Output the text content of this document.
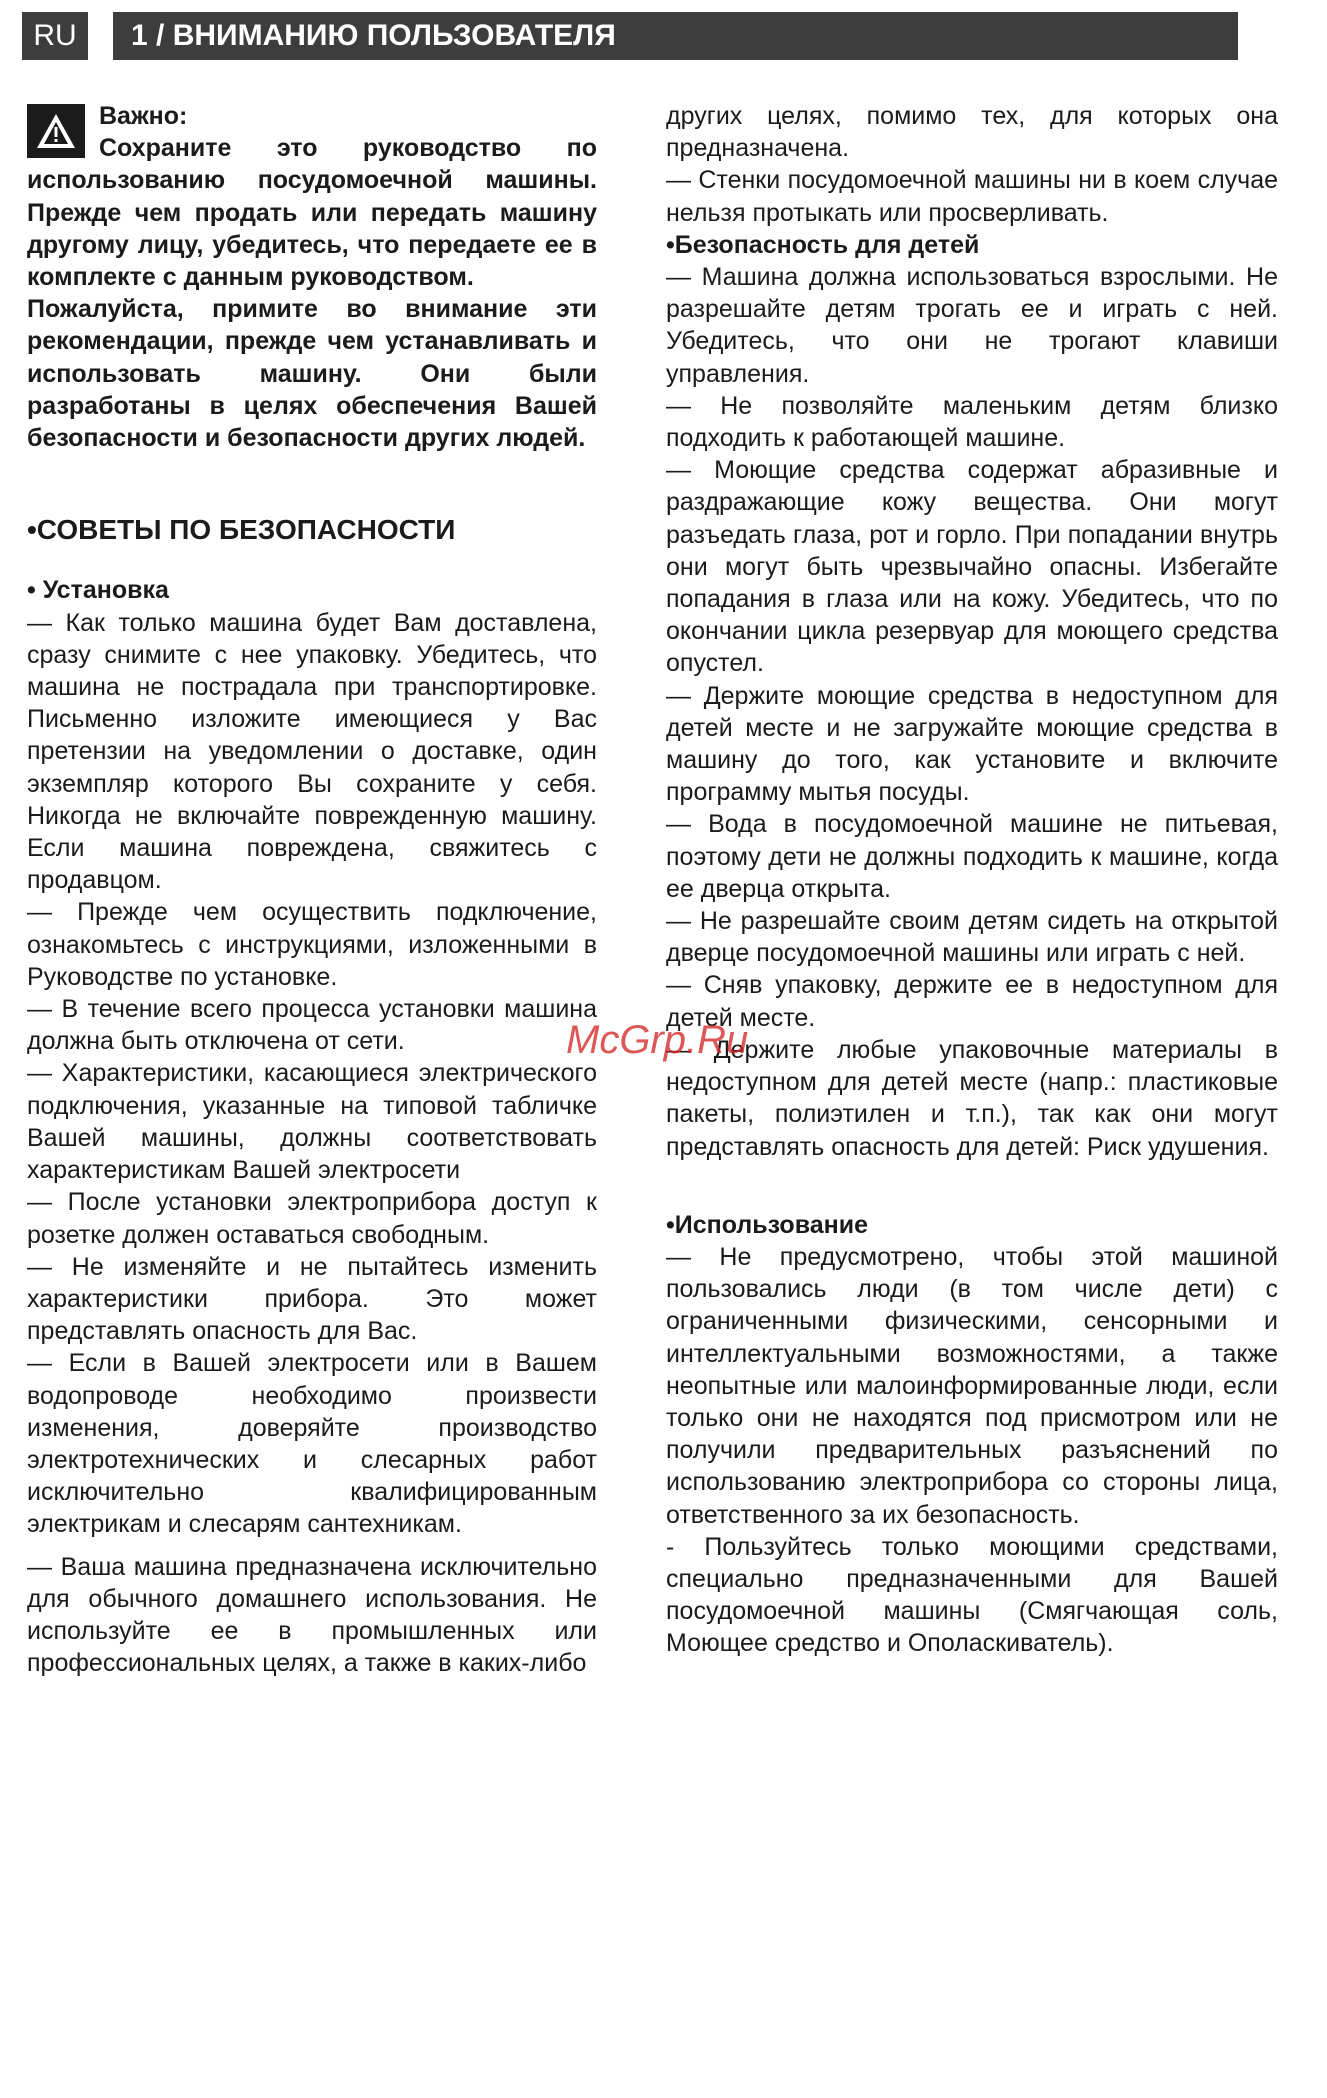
RU	1 / ВНИМАНИЮ ПОЛЬЗОВАТЕЛЯ

Важно:

Сохраните это руководство по использованию посудомоечной машины. Прежде чем продать или передать машину другому лицу, убедитесь, что передаете ее в комплекте с данным руководством.

Пожалуйста, примите во внимание эти рекомендации, прежде чем устанавливать и использовать машину. Они были разработаны в целях обеспечения Вашей безопасности и безопасности других людей.

•СОВЕТЫ ПО БЕЗОПАСНОСТИ

• Установка

— Как только машина будет Вам доставлена, сразу снимите с нее упаковку. Убедитесь, что машина не пострадала при транспортировке. Письменно изложите имеющиеся у Вас претензии на уведомлении о доставке, один экземпляр которого Вы сохраните у себя. Никогда не включайте поврежденную машину. Если машина повреждена, свяжитесь с продавцом.

— Прежде чем осуществить подключение, ознакомьтесь с инструкциями, изложенными в Руководстве по установке.

— В течение всего процесса установки машина должна быть отключена от сети.

— Характеристики, касающиеся электрического подключения, указанные на типовой табличке Вашей машины, должны соответствовать характеристикам Вашей электросети

— После установки электроприбора доступ к розетке должен оставаться свободным.

— Не изменяйте и не пытайтесь изменить характеристики прибора. Это может представлять опасность для Вас.

— Если в Вашей электросети или в Вашем водопроводе необходимо произвести изменения, доверяйте производство электротехнических и слесарных работ исключительно квалифицированным электрикам и слесарям сантехникам.

— Ваша машина предназначена исключительно для обычного домашнего использования. Не используйте ее в промышленных или профессиональных целях, а также в каких-либо

других целях, помимо тех, для которых она предназначена.

— Стенки посудомоечной машины ни в коем случае нельзя протыкать или просверливать.

•Безопасность для детей

— Машина должна использоваться взрослыми. Не разрешайте детям трогать ее и играть с ней. Убедитесь, что они не трогают клавиши управления.

— Не позволяйте маленьким детям близко подходить к работающей машине.

— Моющие средства содержат абразивные и раздражающие кожу вещества. Они могут разъедать глаза, рот и горло. При попадании внутрь они могут быть чрезвычайно опасны. Избегайте попадания в глаза или на кожу. Убедитесь, что по окончании цикла резервуар для моющего средства опустел.

— Держите моющие средства в недоступном для детей месте и не загружайте моющие средства в машину до того, как установите и включите программу мытья посуды.

— Вода в посудомоечной машине не питьевая, поэтому дети не должны подходить к машине, когда ее дверца открыта.

— Не разрешайте своим детям сидеть на открытой дверце посудомоечной машины или играть с ней.

— Сняв упаковку, держите ее в недоступном для детей месте.

— Держите любые упаковочные материалы в недоступном для детей месте (напр.: пластиковые пакеты, полиэтилен и т.п.), так как они могут представлять опасность для детей: Риск удушения.

•Использование

— Не предусмотрено, чтобы этой машиной пользовались люди (в том числе дети) с ограниченными физическими, сенсорными и интеллектуальными возможностями, а также неопытные или малоинформированные люди, если только они не находятся под присмотром или не получили предварительных разъяснений по использованию электроприбора со стороны лица, ответственного за их безопасность.

- Пользуйтесь только моющими средствами, специально предназначенными для Вашей посудомоечной машины (Смягчающая соль, Моющее средство и Ополаскиватель).

McGrp.Ru
